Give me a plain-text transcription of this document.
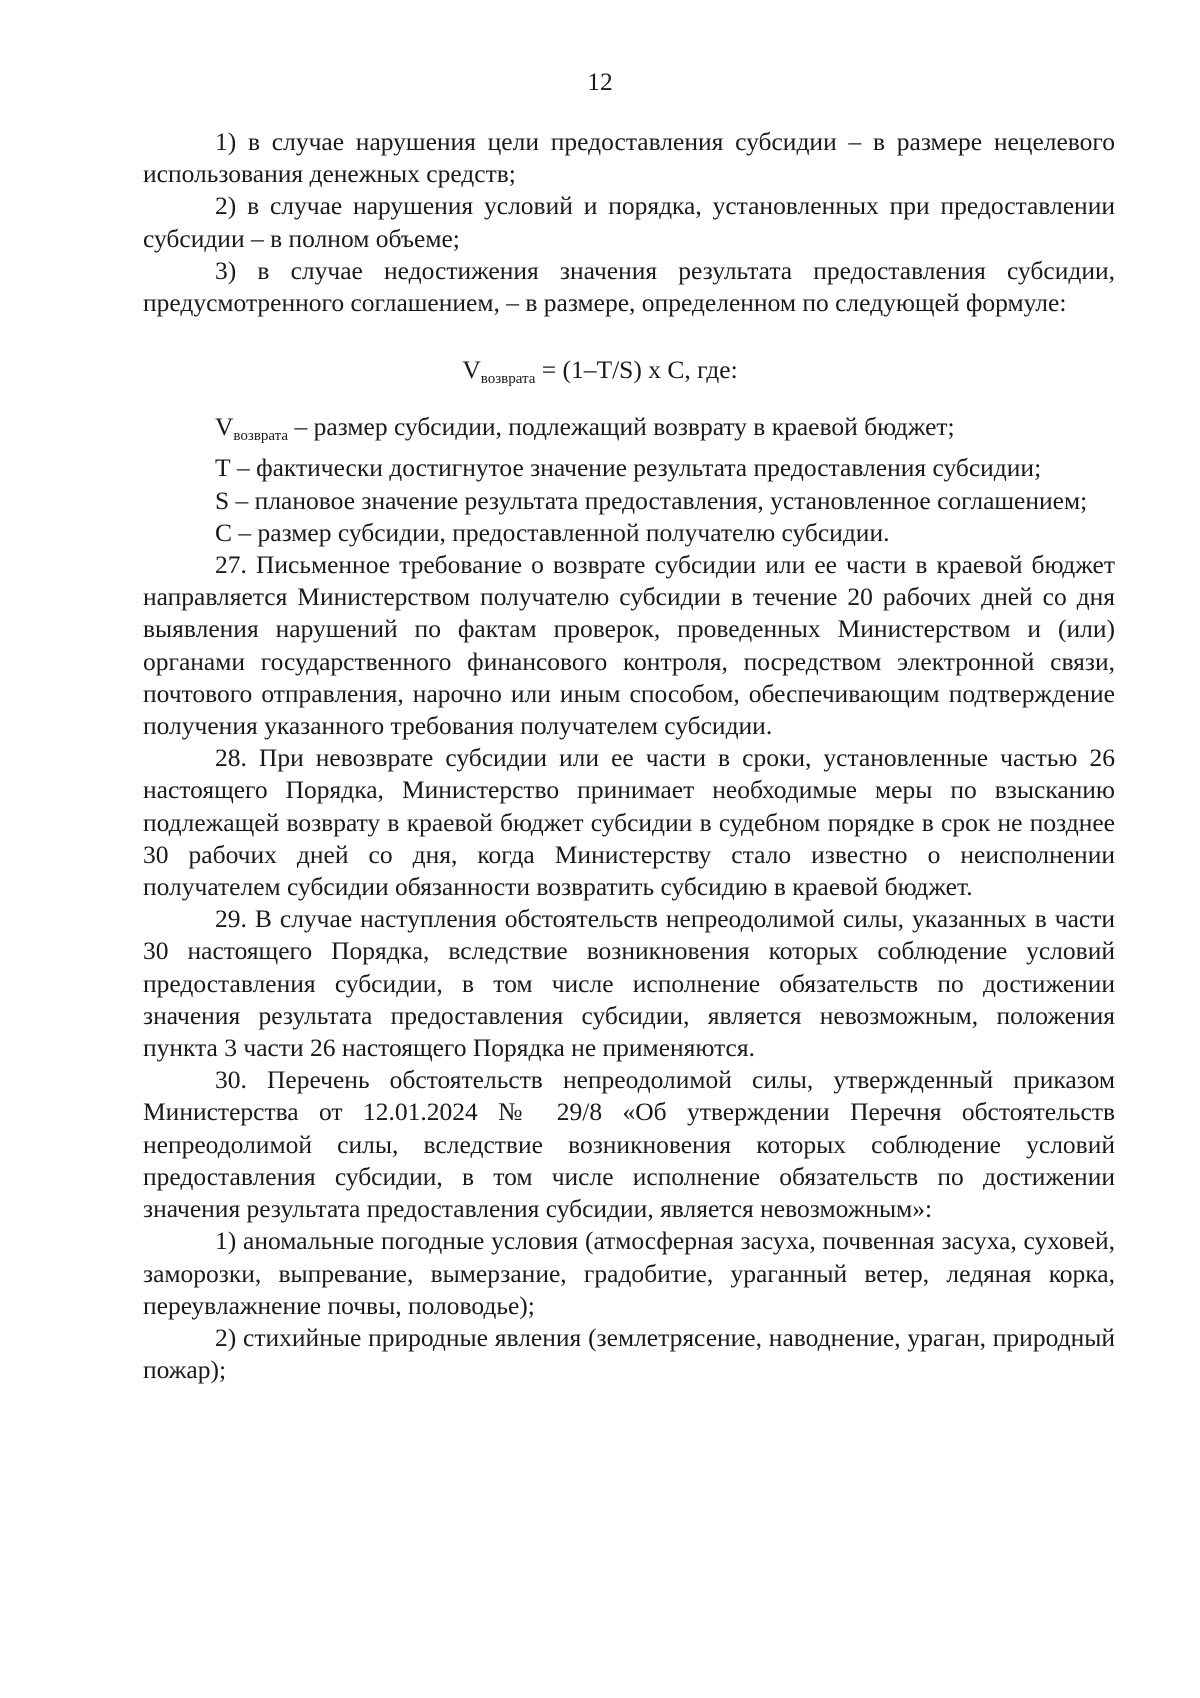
12

1) в случае нарушения цели предоставления субсидии – в размере нецелевого использования денежных средств;

2) в случае нарушения условий и порядка, установленных при предоставлении субсидии – в полном объеме;

3) в случае недостижения значения результата предоставления субсидии, предусмотренного соглашением, – в размере, определенном по следующей формуле:

$V_{возврата}$ – размер субсидии, подлежащий возврату в краевой бюджет;

Т – фактически достигнутое значение результата предоставления субсидии;

S – плановое значение результата предоставления, установленное соглашением;

С – размер субсидии, предоставленной получателю субсидии.

27. Письменное требование о возврате субсидии или ее части в краевой бюджет направляется Министерством получателю субсидии в течение 20 рабочих дней со дня выявления нарушений по фактам проверок, проведенных Министерством и (или) органами государственного финансового контроля, посредством электронной связи, почтового отправления, нарочно или иным способом, обеспечивающим подтверждение получения указанного требования получателем субсидии.

28. При невозврате субсидии или ее части в сроки, установленные частью 26 настоящего Порядка, Министерство принимает необходимые меры по взысканию подлежащей возврату в краевой бюджет субсидии в судебном порядке в срок не позднее 30 рабочих дней со дня, когда Министерству стало известно о неисполнении получателем субсидии обязанности возвратить субсидию в краевой бюджет.

29. В случае наступления обстоятельств непреодолимой силы, указанных в части 30 настоящего Порядка, вследствие возникновения которых соблюдение условий предоставления субсидии, в том числе исполнение обязательств по достижении значения результата предоставления субсидии, является невозможным, положения пункта 3 части 26 настоящего Порядка не применяются.

30. Перечень обстоятельств непреодолимой силы, утвержденный приказом Министерства от 12.01.2024 № 29/8 «Об утверждении Перечня обстоятельств непреодолимой силы, вследствие возникновения которых соблюдение условий предоставления субсидии, в том числе исполнение обязательств по достижении значения результата предоставления субсидии, является невозможным»:

1) аномальные погодные условия (атмосферная засуха, почвенная засуха, суховей, заморозки, выпревание, вымерзание, градобитие, ураганный ветер, ледяная корка, переувлажнение почвы, половодье);

2) стихийные природные явления (землетрясение, наводнение, ураган, природный пожар);

$V_{возврата} = (1-T/S)$ x C, где:
